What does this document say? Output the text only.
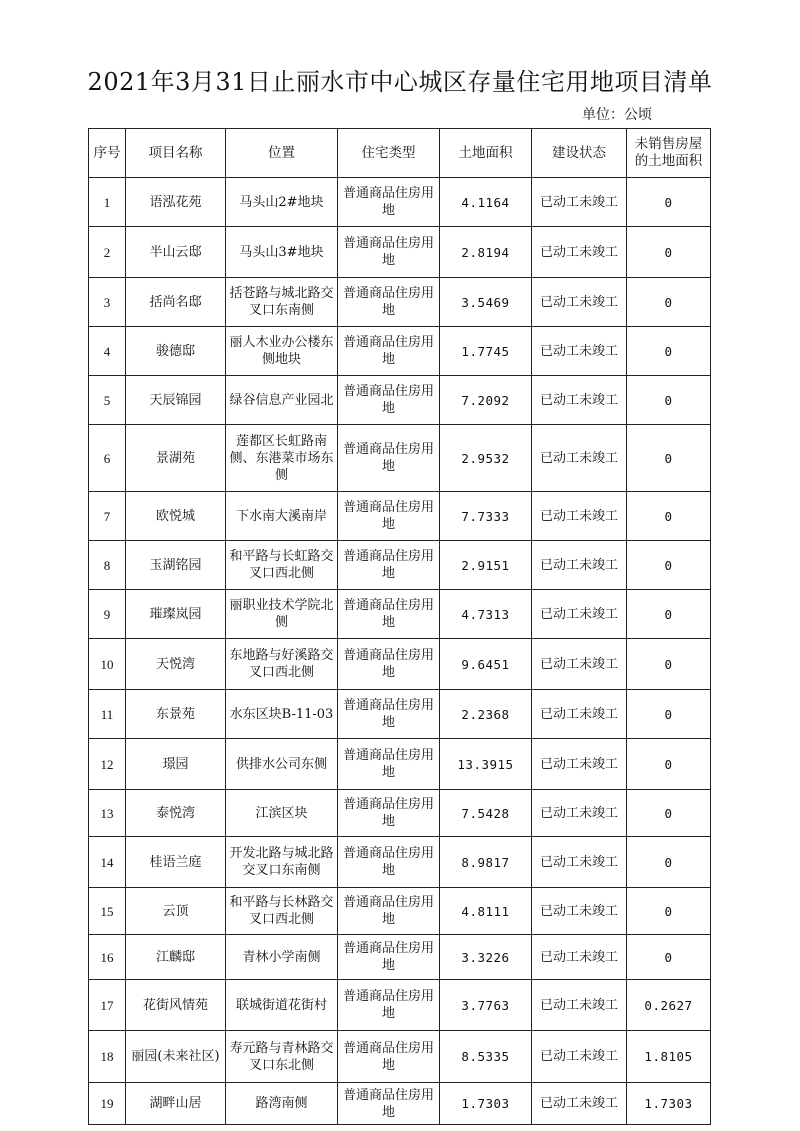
2021年3月31日止丽水市中心城区存量住宅用地项目清单
单位：公顷
序号	项目名称	位置	住宅类型	土地面积	建设状态	未销售房屋的土地面积
1	语泓花苑	马头山2#地块	普通商品住房用地	4.1164	已动工未竣工	0
2	半山云邸	马头山3#地块	普通商品住房用地	2.8194	已动工未竣工	0
3	括尚名邸	括苍路与城北路交叉口东南侧	普通商品住房用地	3.5469	已动工未竣工	0
4	骏德邸	丽人木业办公楼东侧地块	普通商品住房用地	1.7745	已动工未竣工	0
5	天辰锦园	绿谷信息产业园北	普通商品住房用地	7.2092	已动工未竣工	0
6	景湖苑	莲都区长虹路南侧、东港菜市场东侧	普通商品住房用地	2.9532	已动工未竣工	0
7	欧悦城	下水南大溪南岸	普通商品住房用地	7.7333	已动工未竣工	0
8	玉湖铭园	和平路与长虹路交叉口西北侧	普通商品住房用地	2.9151	已动工未竣工	0
9	璀璨岚园	丽职业技术学院北侧	普通商品住房用地	4.7313	已动工未竣工	0
10	天悦湾	东地路与好溪路交叉口西北侧	普通商品住房用地	9.6451	已动工未竣工	0
11	东景苑	水东区块B-11-03	普通商品住房用地	2.2368	已动工未竣工	0
12	璟园	供排水公司东侧	普通商品住房用地	13.3915	已动工未竣工	0
13	泰悦湾	江滨区块	普通商品住房用地	7.5428	已动工未竣工	0
14	桂语兰庭	开发北路与城北路交叉口东南侧	普通商品住房用地	8.9817	已动工未竣工	0
15	云顶	和平路与长林路交叉口西北侧	普通商品住房用地	4.8111	已动工未竣工	0
16	江麟邸	青林小学南侧	普通商品住房用地	3.3226	已动工未竣工	0
17	花街风情苑	联城街道花街村	普通商品住房用地	3.7763	已动工未竣工	0.2627
18	丽园(未来社区)	寿元路与青林路交叉口东北侧	普通商品住房用地	8.5335	已动工未竣工	1.8105
19	湖畔山居	路湾南侧	普通商品住房用地	1.7303	已动工未竣工	1.7303
